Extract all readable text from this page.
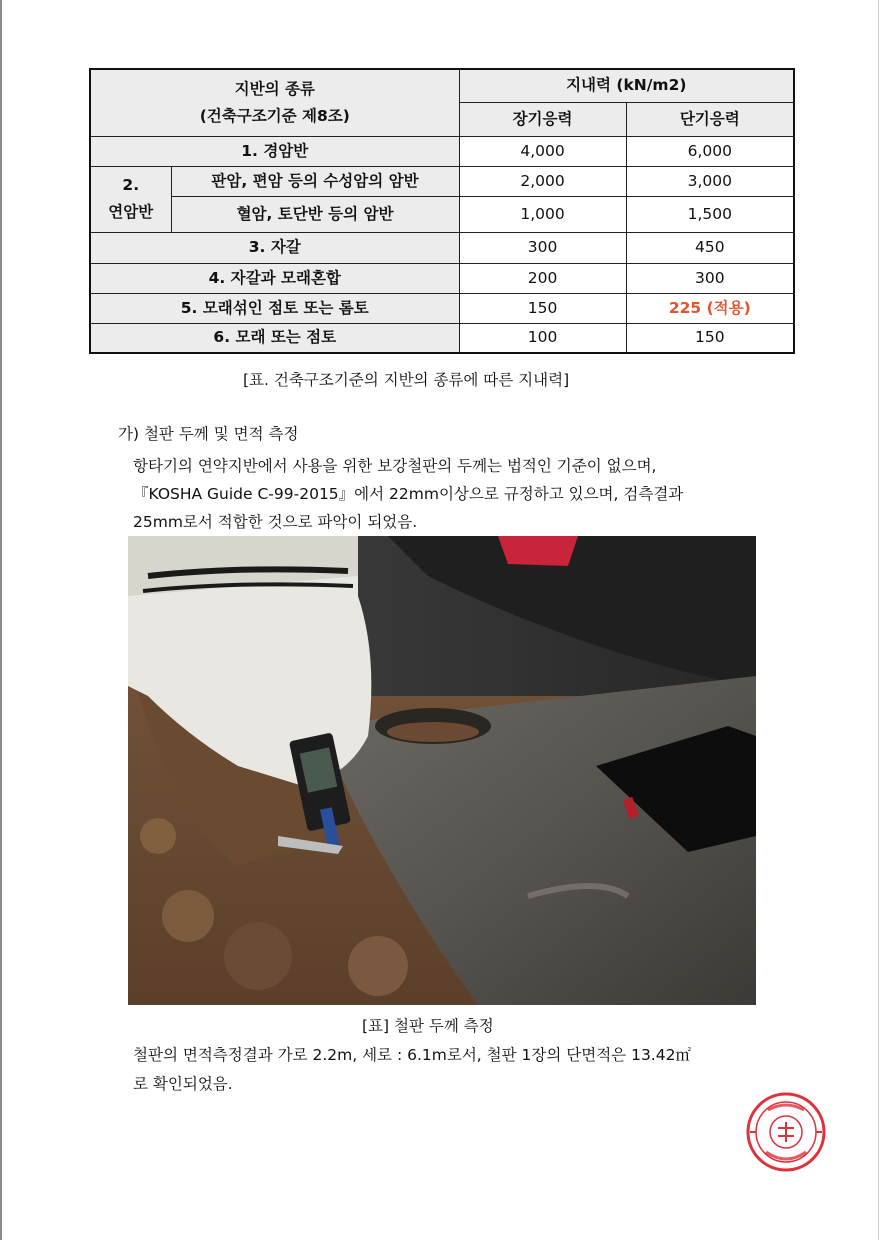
지반의 종류
(건축구조기준 제8조)		지내력 (kN/m2)	
		장기응력	단기응력
1. 경암반		4,000	6,000

2.
연암반	판암, 편암 등의 수성암의 암반	2,000	3,000
	혈암, 토단반 등의 암반	1,000	1,500
3. 자갈		300	450
4. 자갈과 모래혼합		200	300
5. 모래섞인 점토 또는 롬토		150	225 (적용)
6. 모래 또는 점토		100	150
[표. 건축구조기준의 지반의 종류에 따른 지내력]
가) 철판 두께 및 면적 측정
항타기의 연약지반에서 사용을 위한 보강철판의 두께는 법적인 기준이 없으며,
『KOSHA Guide C-99-2015』에서 22mm이상으로 규정하고 있으며, 검측결과
25mm로서 적합한 것으로 파악이 되었음.
[표] 철판 두께 측정
철판의 면적측정결과 가로 2.2m, 세로 : 6.1m로서, 철판 1장의 단면적은 13.42㎡
로 확인되었음.
